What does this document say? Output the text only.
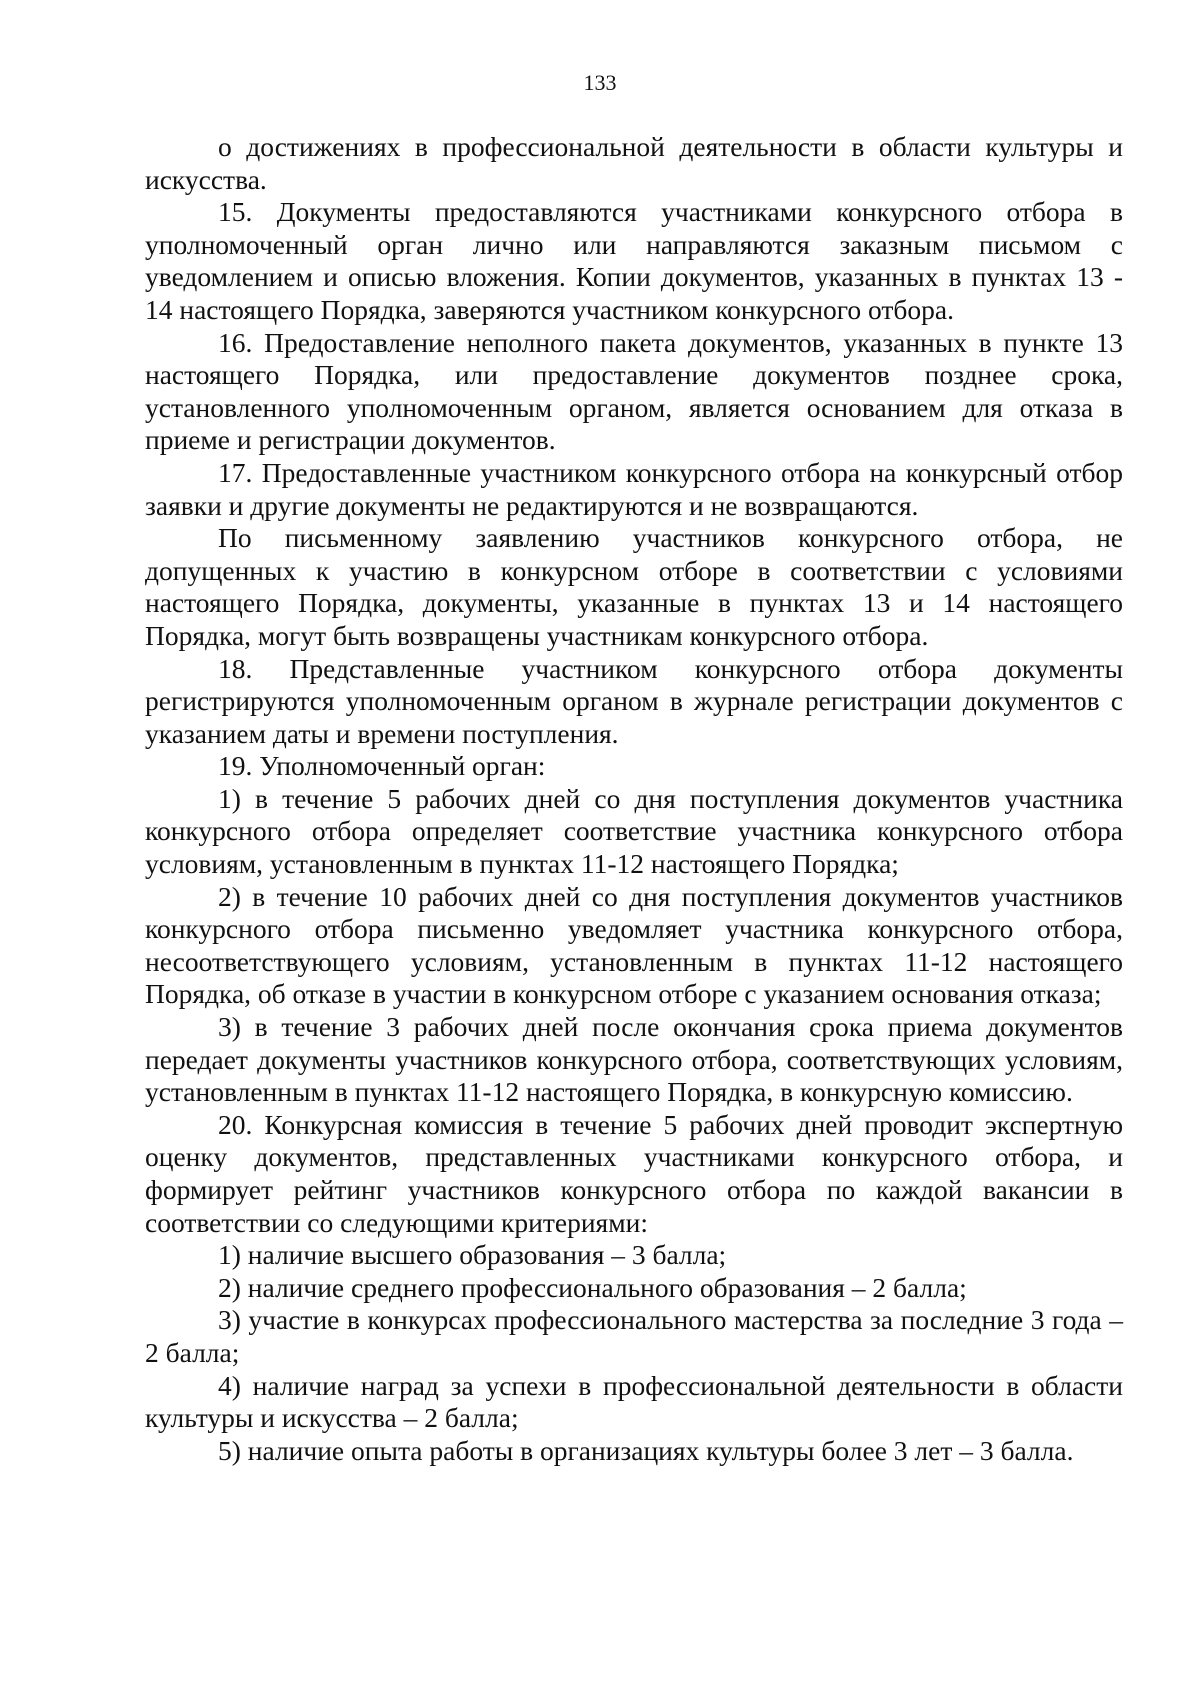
133

о достижениях в профессиональной деятельности в области культуры и искусства.

15. Документы предоставляются участниками конкурсного отбора в уполномоченный орган лично или направляются заказным письмом с уведомлением и описью вложения. Копии документов, указанных в пунктах 13 - 14 настоящего Порядка, заверяются участником конкурсного отбора.

16. Предоставление неполного пакета документов, указанных в пункте 13 настоящего Порядка, или предоставление документов позднее срока, установленного уполномоченным органом, является основанием для отказа в приеме и регистрации документов.

17. Предоставленные участником конкурсного отбора на конкурсный отбор заявки и другие документы не редактируются и не возвращаются.

По письменному заявлению участников конкурсного отбора, не допущенных к участию в конкурсном отборе в соответствии с условиями настоящего Порядка, документы, указанные в пунктах 13 и 14 настоящего Порядка, могут быть возвращены участникам конкурсного отбора.

18. Представленные участником конкурсного отбора документы регистрируются уполномоченным органом в журнале регистрации документов с указанием даты и времени поступления.

19. Уполномоченный орган:

1) в течение 5 рабочих дней со дня поступления документов участника конкурсного отбора определяет соответствие участника конкурсного отбора условиям, установленным в пунктах 11-12 настоящего Порядка;

2) в течение 10 рабочих дней со дня поступления документов участников конкурсного отбора письменно уведомляет участника конкурсного отбора, несоответствующего условиям, установленным в пунктах 11-12 настоящего Порядка, об отказе в участии в конкурсном отборе с указанием основания отказа;

3) в течение 3 рабочих дней после окончания срока приема документов передает документы участников конкурсного отбора, соответствующих условиям, установленным в пунктах 11-12 настоящего Порядка, в конкурсную комиссию.

20. Конкурсная комиссия в течение 5 рабочих дней проводит экспертную оценку документов, представленных участниками конкурсного отбора, и формирует рейтинг участников конкурсного отбора по каждой вакансии в соответствии со следующими критериями:

1) наличие высшего образования – 3 балла;

2) наличие среднего профессионального образования – 2 балла;

3) участие в конкурсах профессионального мастерства за последние 3 года – 2 балла;

4) наличие наград за успехи в профессиональной деятельности в области культуры и искусства – 2 балла;

5) наличие опыта работы в организациях культуры более 3 лет – 3 балла.
